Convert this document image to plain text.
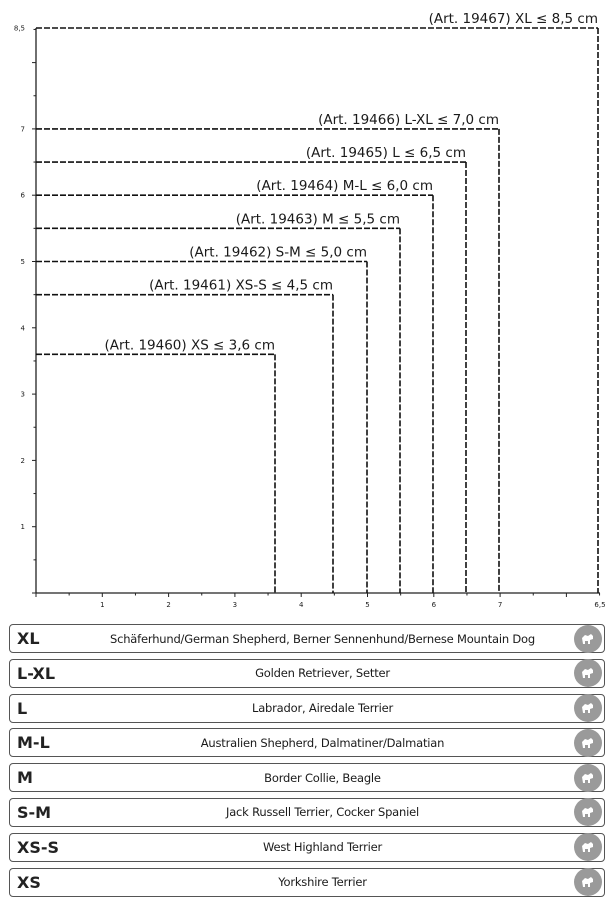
1
2
3
4
5
6
7
8,5
1	2	3	4	5	6	7	6,5
(Art. 19460) XS ≤ 3,6 cm
(Art. 19461) XS-S ≤ 4,5 cm
(Art. 19462) S-M ≤ 5,0 cm
(Art. 19463) M ≤ 5,5 cm
(Art. 19464) M-L ≤ 6,0 cm
(Art. 19465) L ≤ 6,5 cm
(Art. 19466) L-XL ≤ 7,0 cm
(Art. 19467) XL ≤ 8,5 cm
XL	Schäferhund/German Shepherd, Berner Sennenhund/Bernese Mountain Dog
L-XL	Golden Retriever, Setter
L	Labrador, Airedale Terrier
M-L	Australien Shepherd, Dalmatiner/Dalmatian
M	Border Collie, Beagle
S-M	Jack Russell Terrier, Cocker Spaniel
XS-S	West Highland Terrier
XS	Yorkshire Terrier
